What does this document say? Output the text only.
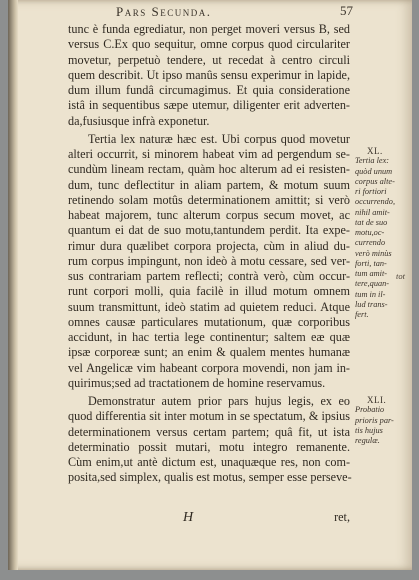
Pars Secunda.	57
tunc è funda egrediatur, non perget moveri versus B, sed
versus C.Ex quo sequitur, omne corpus quod circulariter
movetur, perpetuò tendere, ut recedat à centro circuli
quem describit. Ut ipso manûs sensu experimur in lapide,
dum illum fundâ circumagimus. Et quia consideratione
istâ in sequentibus sæpe utemur, diligenter erit adverten-
da,fusiusque infrà exponetur.
Tertia lex naturæ hæc est. Ubi corpus quod movetur
alteri occurrit, si minorem habeat vim ad pergendum se-
cundùm lineam rectam, quàm hoc alterum ad ei resisten-
dum, tunc deflectitur in aliam partem, & motum suum
retinendo solam motûs determinationem amittit; si verò
habeat majorem, tunc alterum corpus secum movet, ac
quantum ei dat de suo motu,tantundem perdit. Ita expe-
rimur dura quælibet corpora projecta, cùm in aliud du-
rum corpus impingunt, non ideò à motu cessare, sed ver-
sus contrariam partem reflecti; contrà verò, cùm occur-
runt corpori molli, quia facilè in illud motum omnem
suum transmittunt, ideò statim ad quietem reduci. Atque
omnes causæ particulares mutationum, quæ corporibus
accidunt, in hac tertia lege continentur; saltem eæ quæ
ipsæ corporeæ sunt; an enim & qualem mentes humanæ
vel Angelicæ vim habeant corpora movendi, non jam in-
quirimus;sed ad tractationem de homine reservamus.
Demonstratur autem prior pars hujus legis, ex eo
quod differentia sit inter motum in se spectatum, & ipsius
determinationem versus certam partem; quâ fit, ut ista
determinatio possit mutari, motu integro remanente.
Cùm enim,ut antè dictum est, unaquæque res, non com-
posita,sed simplex, qualis est motus, semper esse perseve-
XL.
Tertia lex:
quòd unum
corpus alte-
ri fortiori
occurrendo,
nihil amit-
tat de suo
motu,oc-
currendo
verò minùs
forti, tan-
tum amit-
tere,quan-
tum in il-
lud trans-
fert.
tot
XLI.
Probatio
prioris par-
tis hujus
regulæ.
H	ret,
